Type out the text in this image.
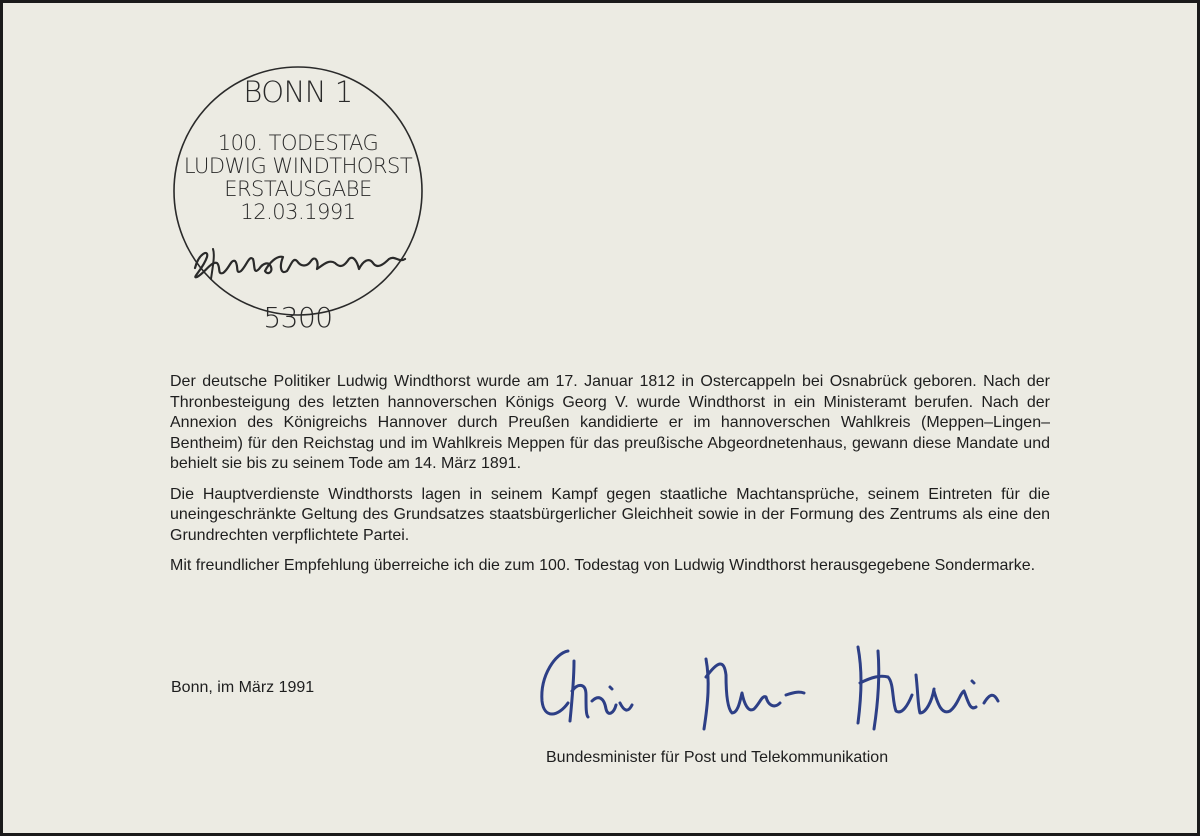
BONN 1
100. TODESTAG
LUDWIG WINDTHORST
ERSTAUSGABE
12.03.1991
5300

Der deutsche Politiker Ludwig Windthorst wurde am 17. Januar 1812 in Ostercappeln bei Osnabrück geboren. Nach der Thronbesteigung des letzten hannoverschen Königs Georg V. wurde Windthorst in ein Ministeramt berufen. Nach der Annexion des Königreichs Hannover durch Preußen kandidierte er im hannoverschen Wahlkreis (Meppen–Lingen–Bentheim) für den Reichstag und im Wahlkreis Meppen für das preußische Abgeordnetenhaus, gewann diese Mandate und behielt sie bis zu seinem Tode am 14. März 1891.

Die Hauptverdienste Windthorsts lagen in seinem Kampf gegen staatliche Machtansprüche, seinem Eintreten für die uneingeschränkte Geltung des Grundsatzes staatsbürgerlicher Gleichheit sowie in der Formung des Zentrums als eine den Grundrechten verpflichtete Partei.

Mit freundlicher Empfehlung überreiche ich die zum 100. Todestag von Ludwig Windthorst herausgegebene Sondermarke.

Bonn, im März 1991
Bundesminister für Post und Telekommunikation
